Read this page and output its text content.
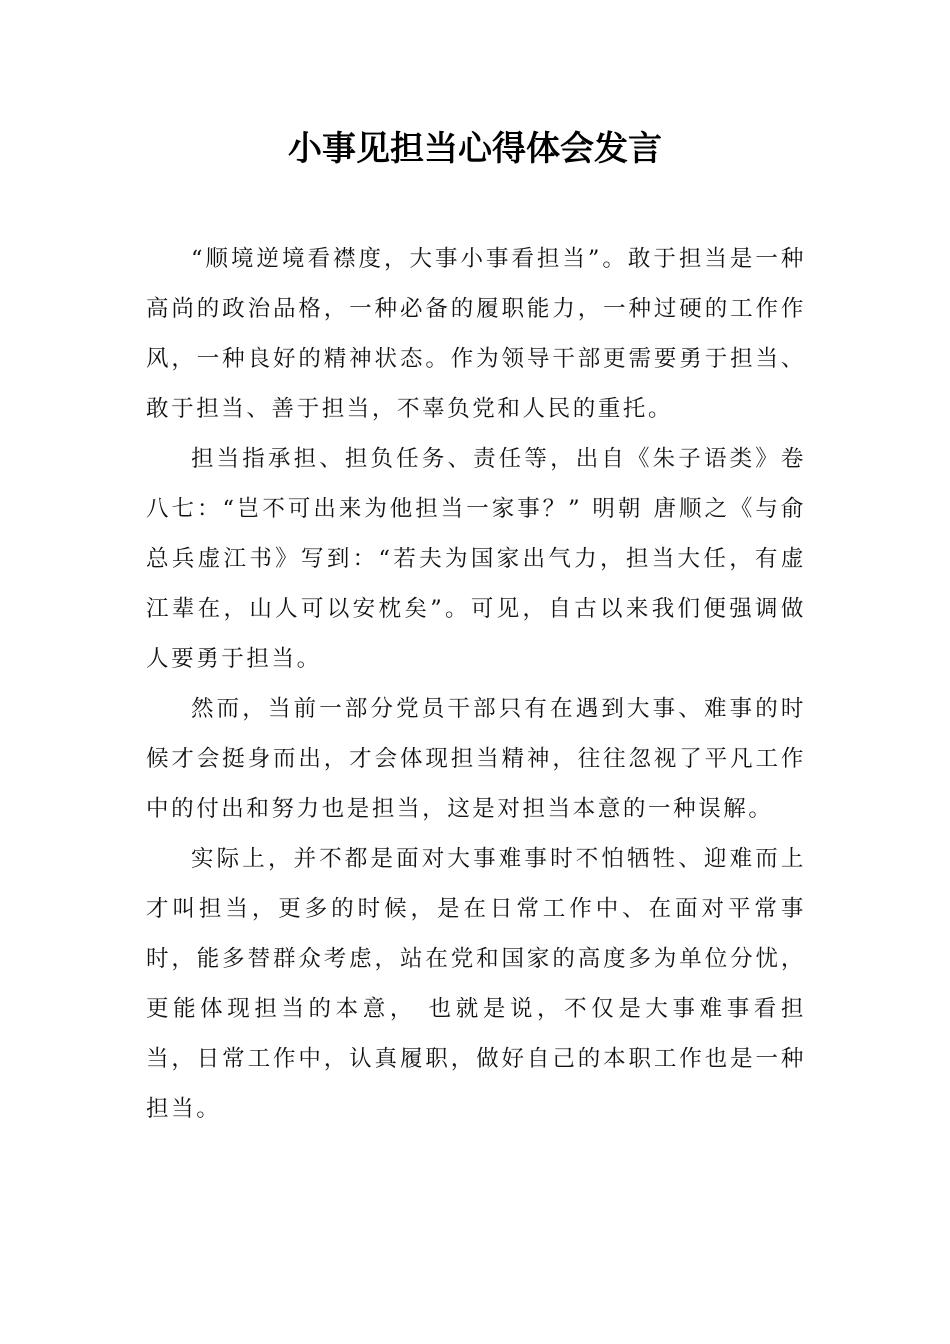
小事见担当心得体会发言

“顺境逆境看襟度，大事小事看担当”。敢于担当是一种高尚的政治品格，一种必备的履职能力，一种过硬的工作作风，一种良好的精神状态。作为领导干部更需要勇于担当、敢于担当、善于担当，不辜负党和人民的重托。

担当指承担、担负任务、责任等，出自《朱子语类》卷八七：“岂不可出来为他担当一家事？” 明朝 唐顺之《与俞总兵虚江书》写到：“若夫为国家出气力，担当大任，有虚江辈在，山人可以安枕矣”。可见，自古以来我们便强调做人要勇于担当。

然而，当前一部分党员干部只有在遇到大事、难事的时候才会挺身而出，才会体现担当精神，往往忽视了平凡工作中的付出和努力也是担当，这是对担当本意的一种误解。

实际上，并不都是面对大事难事时不怕牺牲、迎难而上才叫担当，更多的时候，是在日常工作中、在面对平常事时，能多替群众考虑，站在党和国家的高度多为单位分忧，更能体现担当的本意， 也就是说，不仅是大事难事看担当，日常工作中，认真履职，做好自己的本职工作也是一种担当。
